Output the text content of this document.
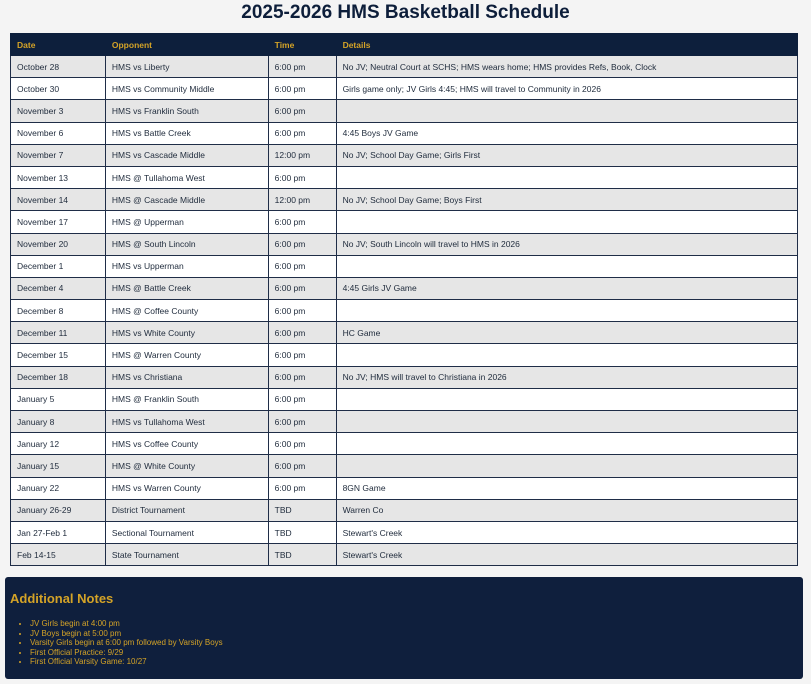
2025-2026 HMS Basketball Schedule
Date	Opponent	Time	Details
October 28	HMS vs Liberty	6:00 pm	No JV; Neutral Court at SCHS; HMS wears home; HMS provides Refs, Book, Clock
October 30	HMS vs Community Middle	6:00 pm	Girls game only; JV Girls 4:45; HMS will travel to Community in 2026
November 3	HMS vs Franklin South	6:00 pm	
November 6	HMS vs Battle Creek	6:00 pm	4:45 Boys JV Game
November 7	HMS vs Cascade Middle	12:00 pm	No JV; School Day Game; Girls First
November 13	HMS @ Tullahoma West	6:00 pm	
November 14	HMS @ Cascade Middle	12:00 pm	No JV; School Day Game; Boys First
November 17	HMS @ Upperman	6:00 pm	
November 20	HMS @ South Lincoln	6:00 pm	No JV; South Lincoln will travel to HMS in 2026
December 1	HMS vs Upperman	6:00 pm	
December 4	HMS @ Battle Creek	6:00 pm	4:45 Girls JV Game
December 8	HMS @ Coffee County	6:00 pm	
December 11	HMS vs White County	6:00 pm	HC Game
December 15	HMS @ Warren County	6:00 pm	
December 18	HMS vs Christiana	6:00 pm	No JV; HMS will travel to Christiana in 2026
January 5	HMS @ Franklin South	6:00 pm	
January 8	HMS vs Tullahoma West	6:00 pm	
January 12	HMS vs Coffee County	6:00 pm	
January 15	HMS @ White County	6:00 pm	
January 22	HMS vs Warren County	6:00 pm	8GN Game
January 26-29	District Tournament	TBD	Warren Co
Jan 27-Feb 1	Sectional Tournament	TBD	Stewart's Creek
Feb 14-15	State Tournament	TBD	Stewart's Creek
Additional Notes
• JV Girls begin at 4:00 pm
• JV Boys begin at 5:00 pm
• Varsity Girls begin at 6:00 pm followed by Varsity Boys
• First Official Practice: 9/29
• First Official Varsity Game: 10/27
